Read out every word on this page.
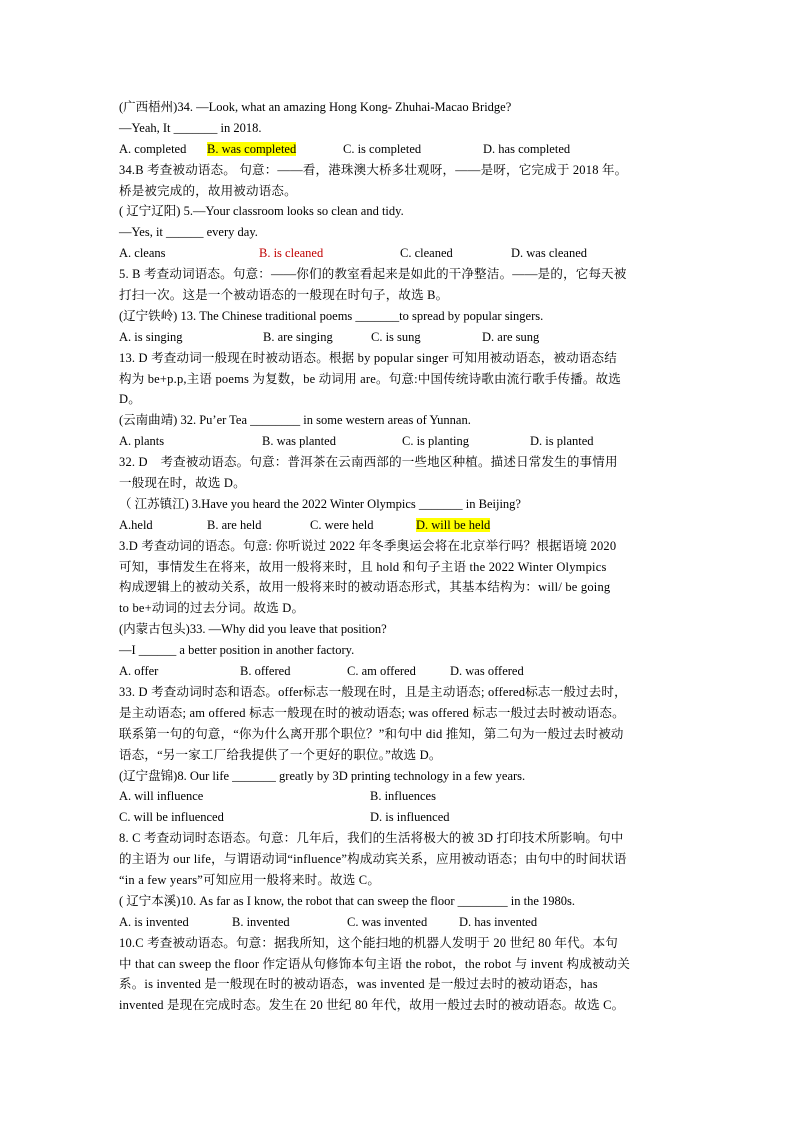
(广西梧州)34. —Look, what an amazing Hong Kong- Zhuhai-Macao Bridge?
—Yeah, It _______ in 2018.
A. completed	B. was completed	C. is completed	D. has completed
34.B 考查被动语态。 句意：——看，港珠澳大桥多壮观呀，——是呀，它完成于 2018 年。
桥是被完成的，故用被动语态。
( 辽宁辽阳) 5.—Your classroom looks so clean and tidy.
—Yes, it ______ every day.
A. cleans	B. is cleaned	C. cleaned	D. was cleaned
5. B 考查动词语态。句意：——你们的教室看起来是如此的干净整洁。——是的，它每天被
打扫一次。这是一个被动语态的一般现在时句子，故选 B。
(辽宁铁岭) 13. The Chinese traditional poems _______to spread by popular singers.
A. is singing	B. are singing	C. is sung	D. are sung
13. D 考查动词一般现在时被动语态。根据 by popular singer 可知用被动语态，被动语态结
构为 be+p.p,主语 poems 为复数，be 动词用 are。句意:中国传统诗歌由流行歌手传播。故选
D。
(云南曲靖) 32. Pu’er Tea ________ in some western areas of Yunnan.
A. plants	B. was planted	C. is planting	D. is planted
32. D　考查被动语态。句意：普洱茶在云南西部的一些地区种植。描述日常发生的事情用
一般现在时，故选 D。
（ 江苏镇江) 3.Have you heard the 2022 Winter Olympics _______ in Beijing?
A.held	B. are held	C. were held	D. will be held
3.D 考查动词的语态。句意: 你听说过 2022 年冬季奥运会将在北京举行吗？根据语境 2020
可知，事情发生在将来，故用一般将来时，且 hold 和句子主语 the 2022 Winter Olympics
构成逻辑上的被动关系，故用一般将来时的被动语态形式，其基本结构为：will/ be going
to be+动词的过去分词。故选 D。
(内蒙古包头)33. —Why did you leave that position?
—I ______ a better position in another factory.
A. offer	B. offered	C. am offered	D. was offered
33. D 考查动词时态和语态。offer标志一般现在时，且是主动语态; offered标志一般过去时，
是主动语态; am offered 标志一般现在时的被动语态; was offered 标志一般过去时被动语态。
联系第一句的句意，“你为什么离开那个职位？”和句中 did 推知，第二句为一般过去时被动
语态，“另一家工厂给我提供了一个更好的职位。”故选 D。
(辽宁盘锦)8. Our life _______ greatly by 3D printing technology in a few years.
A. will influence	B. influences
C. will be influenced	D. is influenced
8. C 考查动词时态语态。句意：几年后，我们的生活将极大的被 3D 打印技术所影响。句中
的主语为 our life，与谓语动词“influence”构成动宾关系，应用被动语态；由句中的时间状语
“in a few years”可知应用一般将来时。故选 C。
( 辽宁本溪)10. As far as I know, the robot that can sweep the floor ________ in the 1980s.
A. is invented	B. invented	C. was invented	D. has invented
10.C 考查被动语态。句意：据我所知，这个能扫地的机器人发明于 20 世纪 80 年代。本句
中 that can sweep the floor 作定语从句修饰本句主语 the robot，the robot 与 invent 构成被动关
系。is invented 是一般现在时的被动语态，was invented 是一般过去时的被动语态，has
invented 是现在完成时态。发生在 20 世纪 80 年代，故用一般过去时的被动语态。故选 C。
